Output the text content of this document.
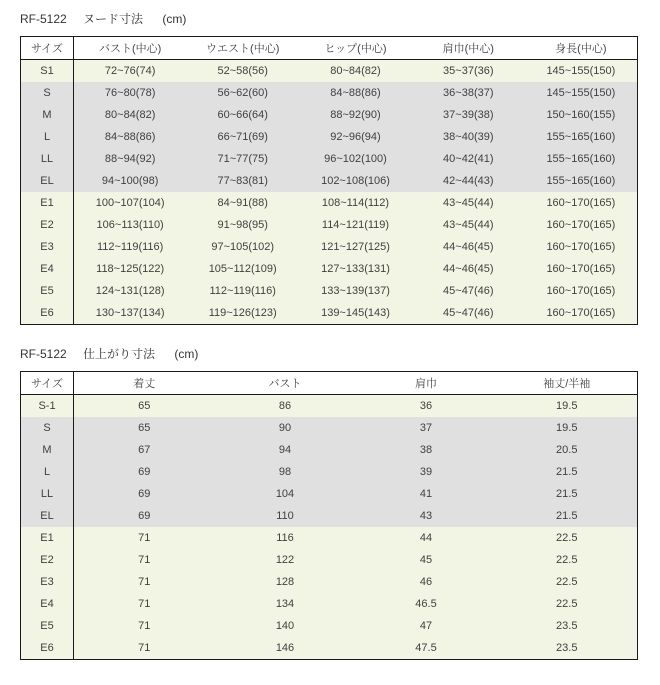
RF-5122 ヌード寸法 (cm)
サイズ	バスト(中心)	ウエスト(中心)	ヒップ(中心)	肩巾(中心)	身長(中心)
S1	72~76(74)	52~58(56)	80~84(82)	35~37(36)	145~155(150)
S	76~80(78)	56~62(60)	84~88(86)	36~38(37)	145~155(150)
M	80~84(82)	60~66(64)	88~92(90)	37~39(38)	150~160(155)
L	84~88(86)	66~71(69)	92~96(94)	38~40(39)	155~165(160)
LL	88~94(92)	71~77(75)	96~102(100)	40~42(41)	155~165(160)
EL	94~100(98)	77~83(81)	102~108(106)	42~44(43)	155~165(160)
E1	100~107(104)	84~91(88)	108~114(112)	43~45(44)	160~170(165)
E2	106~113(110)	91~98(95)	114~121(119)	43~45(44)	160~170(165)
E3	112~119(116)	97~105(102)	121~127(125)	44~46(45)	160~170(165)
E4	118~125(122)	105~112(109)	127~133(131)	44~46(45)	160~170(165)
E5	124~131(128)	112~119(116)	133~139(137)	45~47(46)	160~170(165)
E6	130~137(134)	119~126(123)	139~145(143)	45~47(46)	160~170(165)
RF-5122 仕上がり寸法 (cm)
サイズ	着丈	バスト	肩巾	袖丈/半袖
S-1	65	86	36	19.5
S	65	90	37	19.5
M	67	94	38	20.5
L	69	98	39	21.5
LL	69	104	41	21.5
EL	69	110	43	21.5
E1	71	116	44	22.5
E2	71	122	45	22.5
E3	71	128	46	22.5
E4	71	134	46.5	22.5
E5	71	140	47	23.5
E6	71	146	47.5	23.5
